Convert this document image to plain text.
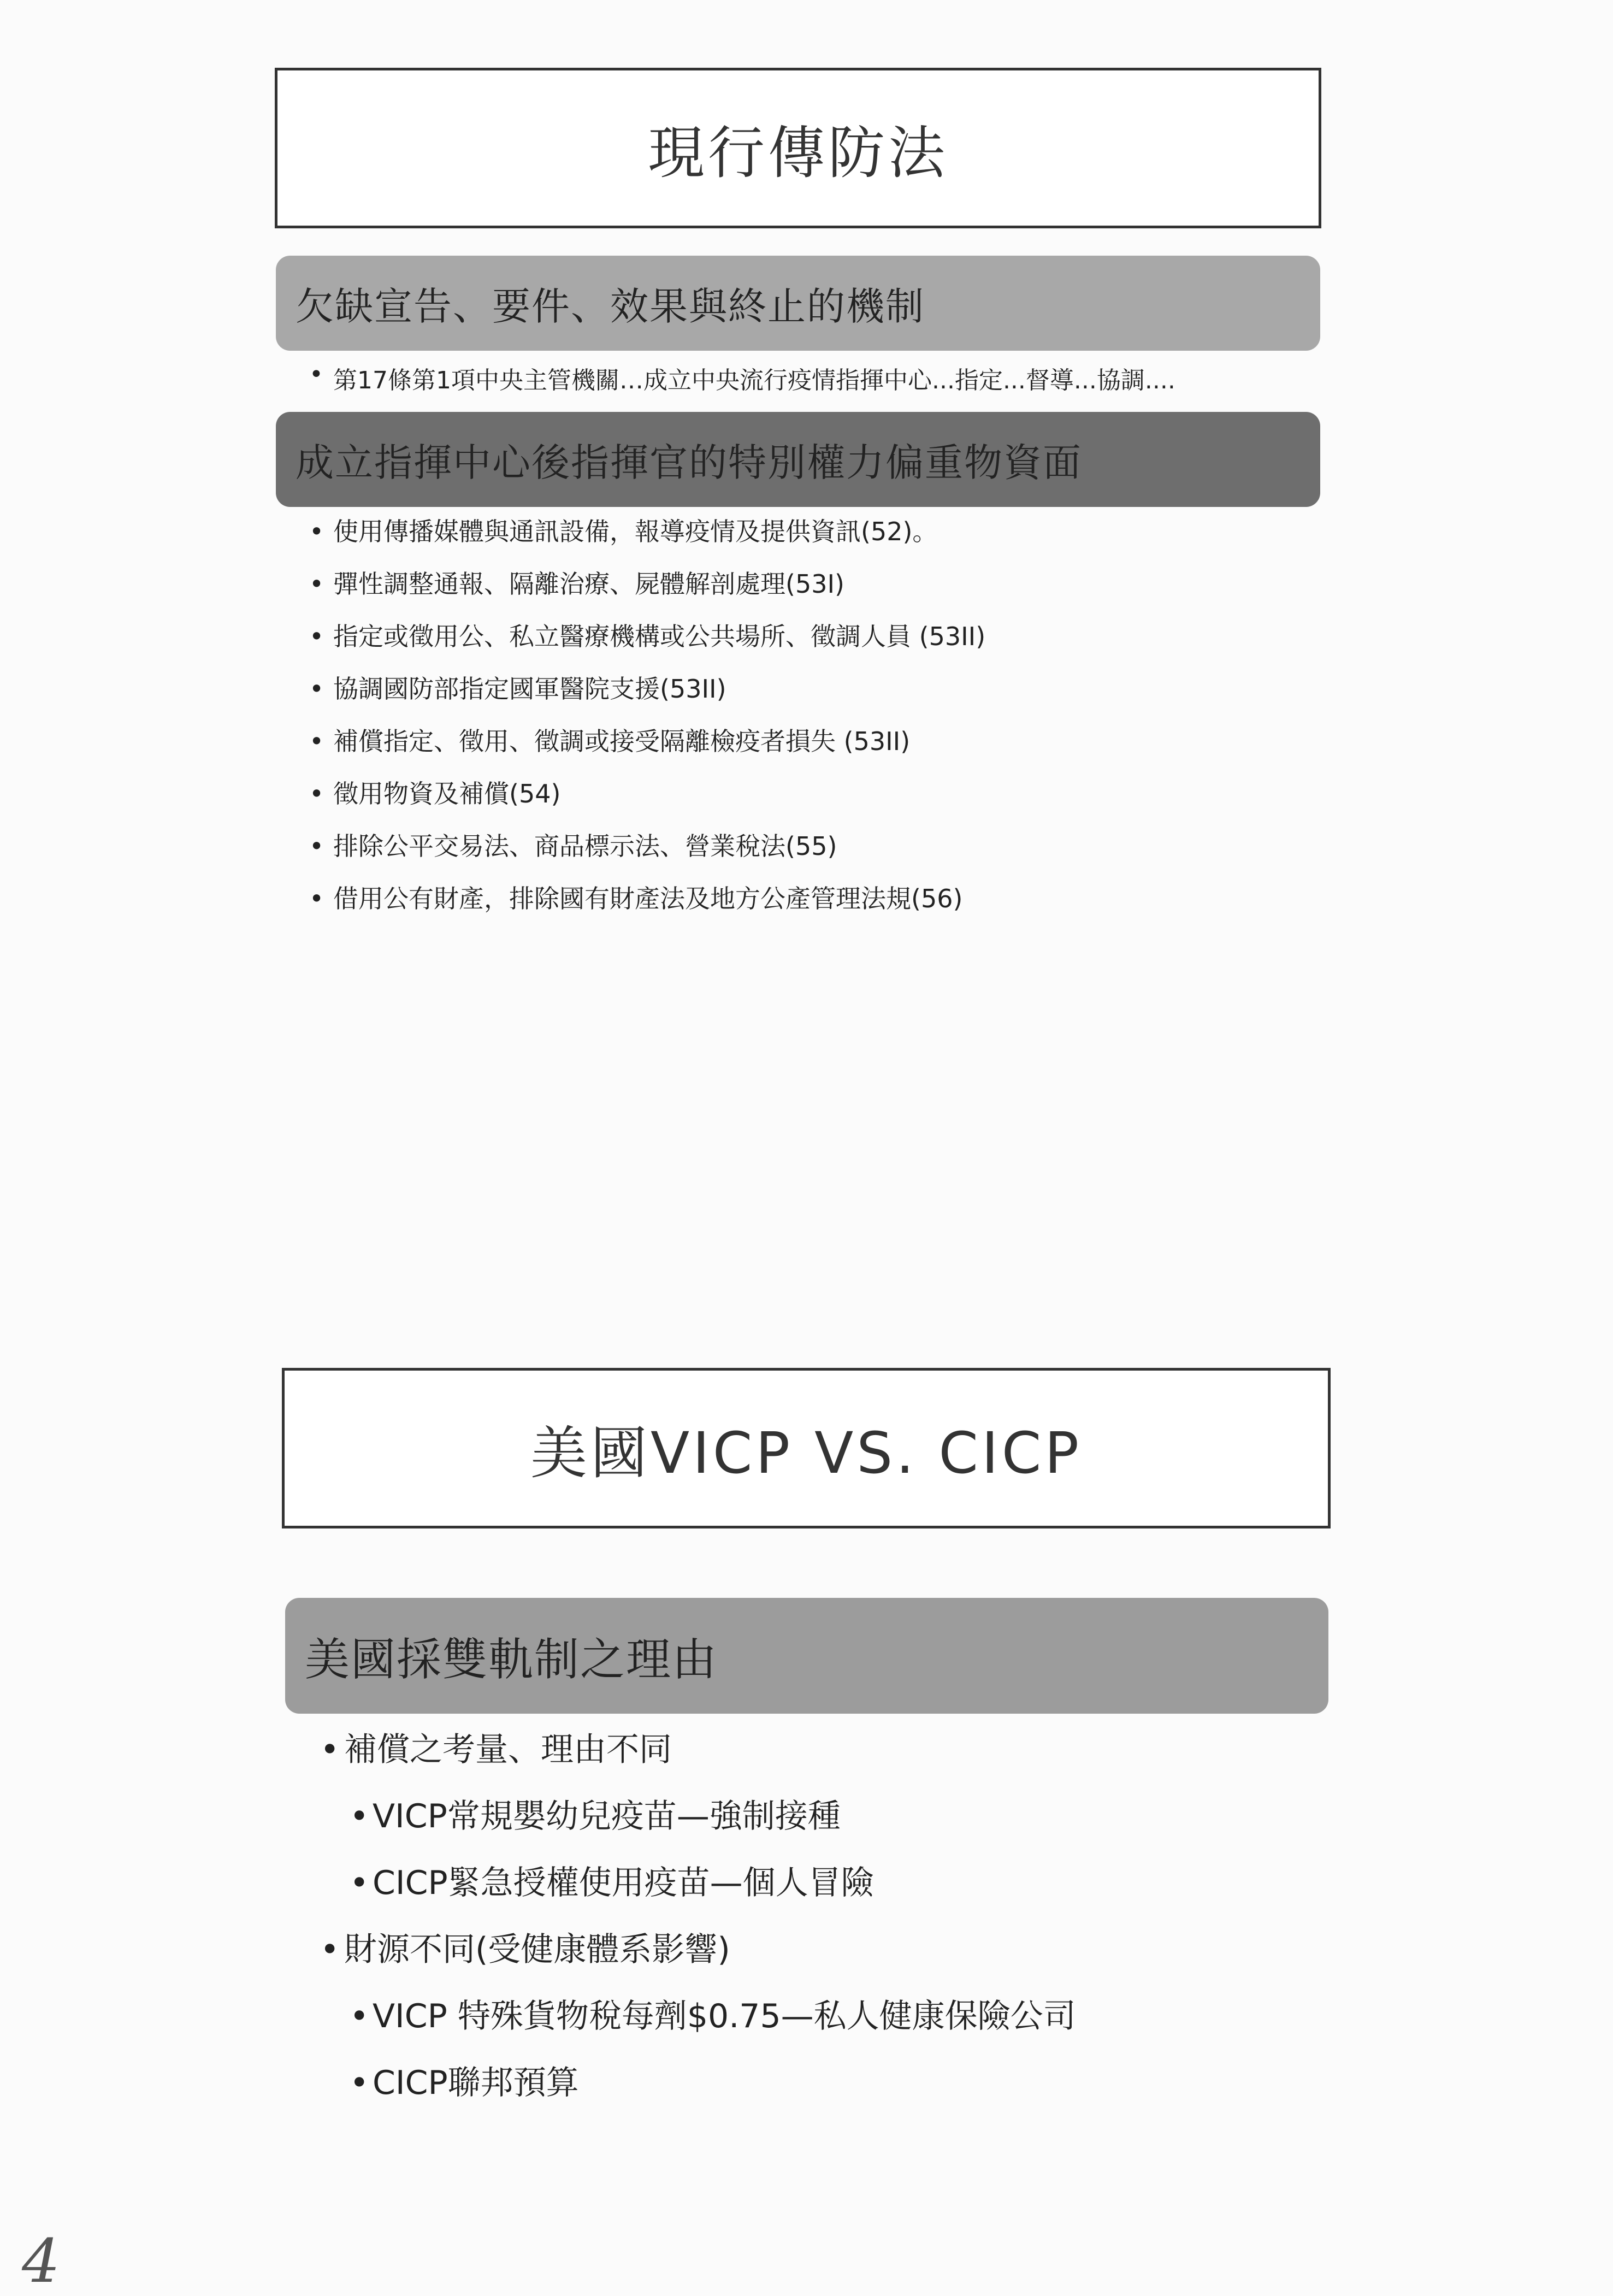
現行傳防法
欠缺宣告、要件、效果與終止的機制
• 第17條第1項中央主管機關…成立中央流行疫情指揮中心...指定...督導...協調....
成立指揮中心後指揮官的特別權力偏重物資面
• 使用傳播媒體與通訊設備，報導疫情及提供資訊(52)。
• 彈性調整通報、隔離治療、屍體解剖處理(53I)
• 指定或徵用公、私立醫療機構或公共場所、徵調人員 (53II)
• 協調國防部指定國軍醫院支援(53II)
• 補償指定、徵用、徵調或接受隔離檢疫者損失 (53II)
• 徵用物資及補償(54)
• 排除公平交易法、商品標示法、營業稅法(55)
• 借用公有財產，排除國有財產法及地方公產管理法規(56)
美國VICP VS. CICP
美國採雙軌制之理由
• 補償之考量、理由不同
• VICP常規嬰幼兒疫苗—強制接種
• CICP緊急授權使用疫苗—個人冒險
• 財源不同(受健康體系影響)
• VICP 特殊貨物稅每劑$0.75—私人健康保險公司
• CICP聯邦預算
4
